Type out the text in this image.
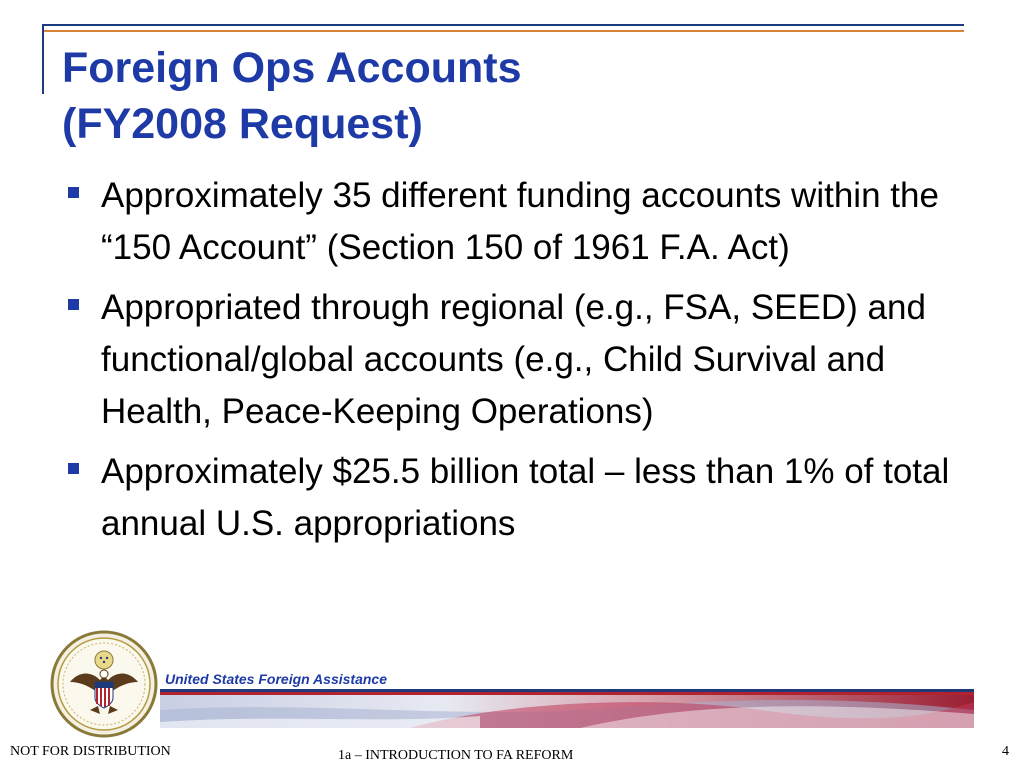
Foreign Ops Accounts
(FY2008 Request)
Approximately 35 different funding accounts within the “150 Account” (Section 150 of 1961 F.A. Act)
Appropriated through regional (e.g., FSA, SEED) and functional/global accounts (e.g., Child Survival and Health, Peace-Keeping Operations)
Approximately $25.5 billion total – less than 1% of total annual U.S. appropriations
United States Foreign Assistance
NOT FOR DISTRIBUTION	1a – INTRODUCTION TO FA REFORM	4
